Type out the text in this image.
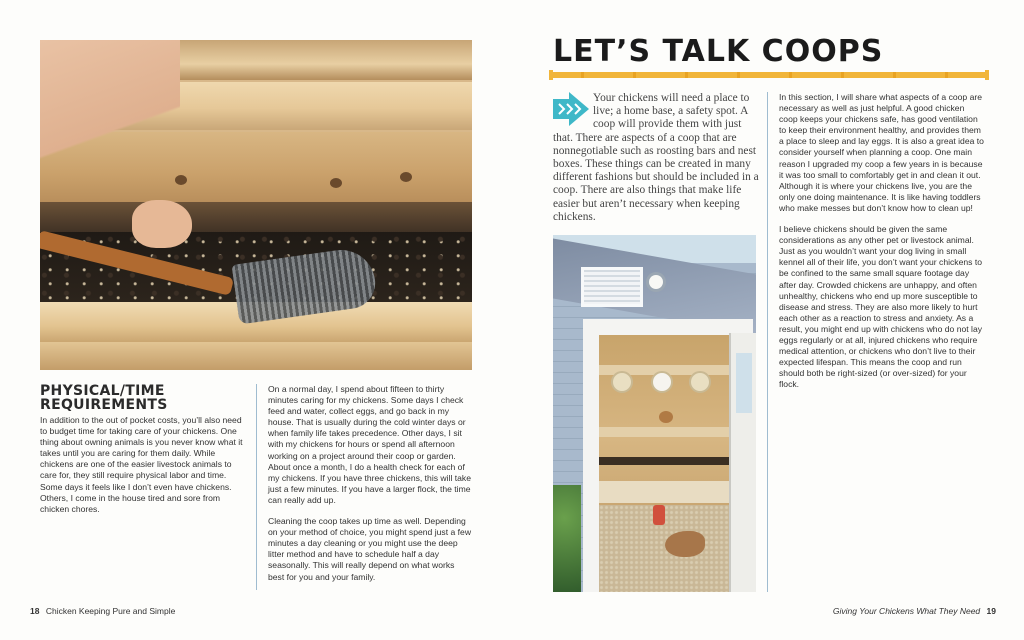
PHYSICAL/TIME
REQUIREMENTS

In addition to the out of pocket costs, you’ll also need to budget time for taking care of your chickens. One thing about owning animals is you never know what it takes until you are caring for them daily. While chickens are one of the easier livestock animals to care for, they still require physical labor and time. Some days it feels like I don’t even have chickens. Others, I come in the house tired and sore from chicken chores.

On a normal day, I spend about fifteen to thirty minutes caring for my chickens. Some days I check feed and water, collect eggs, and go back in my house. That is usually during the cold winter days or when family life takes precedence. Other days, I sit with my chickens for hours or spend all afternoon working on a project around their coop or garden. About once a month, I do a health check for each of my chickens. If you have three chickens, this will take just a few minutes. If you have a larger flock, the time can really add up.

Cleaning the coop takes up time as well. Depending on your method of choice, you might spend just a few minutes a day cleaning or you might use the deep litter method and have to schedule half a day seasonally. This will really depend on what works best for you and your family.

18 Chicken Keeping Pure and Simple
LET’S TALK COOPS
Your chickens will need a place to live; a home base, a safety spot. A coop will provide them with just that. There are aspects of a coop that are nonnegotiable such as roosting bars and nest boxes. These things can be created in many different fashions but should be included in a coop. There are also things that make life easier but aren’t necessary when keeping chickens.

In this section, I will share what aspects of a coop are necessary as well as just helpful. A good chicken coop keeps your chickens safe, has good ventilation to keep their environment healthy, and provides them a place to sleep and lay eggs. It is also a great idea to consider yourself when planning a coop. One main reason I upgraded my coop a few years in is because it was too small to comfortably get in and clean it out. Although it is where your chickens live, you are the only one doing maintenance. It is like having toddlers who make messes but don’t know how to clean up!

I believe chickens should be given the same considerations as any other pet or livestock animal. Just as you wouldn’t want your dog living in small kennel all of their life, you don’t want your chickens to be confined to the same small square footage day after day. Crowded chickens are unhappy, and often unhealthy, chickens who end up more susceptible to disease and stress. They are also more likely to hurt each other as a reaction to stress and anxiety. As a result, you might end up with chickens who do not lay eggs regularly or at all, injured chickens who require medical attention, or chickens who don’t live to their expected lifespan. This means the coop and run should both be right-sized (or over-sized) for your flock.

Giving Your Chickens What They Need 19
